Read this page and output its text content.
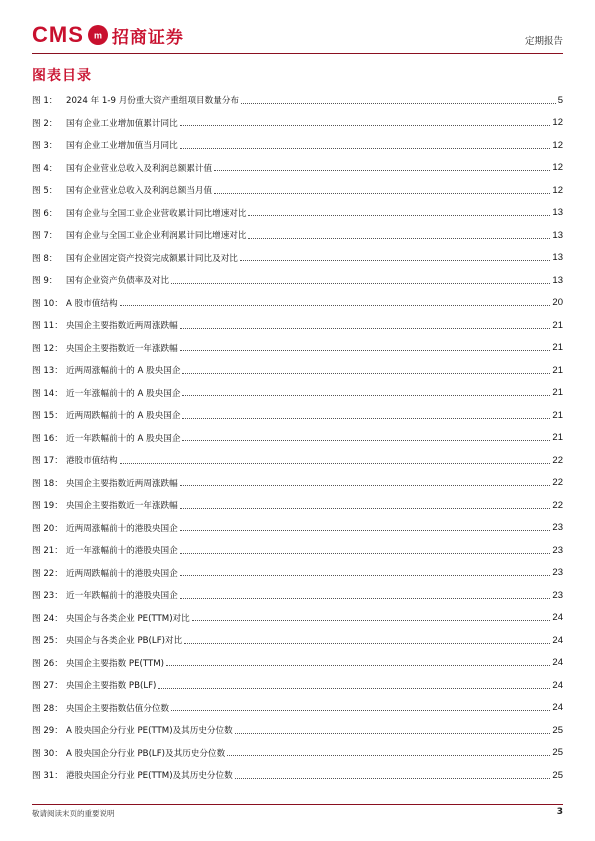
CMS m 招商证券	定期报告
图表目录
图 1：	2024 年 1-9 月份重大资产重组项目数量分布	5
图 2：	国有企业工业增加值累计同比	12
图 3：	国有企业工业增加值当月同比	12
图 4：	国有企业营业总收入及利润总额累计值	12
图 5：	国有企业营业总收入及利润总额当月值	12
图 6：	国有企业与全国工业企业营收累计同比增速对比	13
图 7：	国有企业与全国工业企业利润累计同比增速对比	13
图 8：	国有企业固定资产投资完成额累计同比及对比	13
图 9：	国有企业资产负债率及对比	13
图 10： A 股市值结构	20
图 11： 央国企主要指数近两周涨跌幅	21
图 12： 央国企主要指数近一年涨跌幅	21
图 13： 近两周涨幅前十的 A 股央国企	21
图 14： 近一年涨幅前十的 A 股央国企	21
图 15： 近两周跌幅前十的 A 股央国企	21
图 16： 近一年跌幅前十的 A 股央国企	21
图 17： 港股市值结构	22
图 18： 央国企主要指数近两周涨跌幅	22
图 19： 央国企主要指数近一年涨跌幅	22
图 20： 近两周涨幅前十的港股央国企	23
图 21： 近一年涨幅前十的港股央国企	23
图 22： 近两周跌幅前十的港股央国企	23
图 23： 近一年跌幅前十的港股央国企	23
图 24： 央国企与各类企业 PE(TTM)对比	24
图 25： 央国企与各类企业 PB(LF)对比	24
图 26： 央国企主要指数 PE(TTM)	24
图 27： 央国企主要指数 PB(LF)	24
图 28： 央国企主要指数估值分位数	24
图 29： A 股央国企分行业 PE(TTM)及其历史分位数	25
图 30： A 股央国企分行业 PB(LF)及其历史分位数	25
图 31： 港股央国企分行业 PE(TTM)及其历史分位数	25
敬请阅读末页的重要说明	3
